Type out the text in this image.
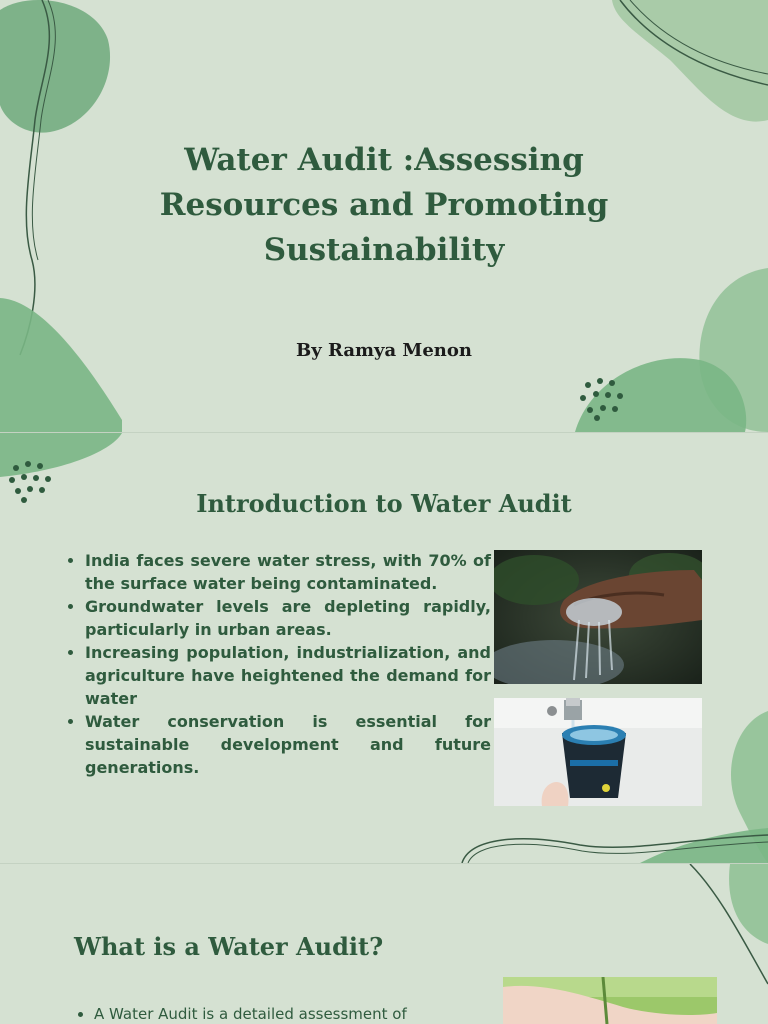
Water Audit :Assessing Resources and Promoting Sustainability
By Ramya Menon
Introduction to Water Audit
• India faces severe water stress, with 70% of the surface water being contaminated.
• Groundwater levels are depleting rapidly, particularly in urban areas.
• Increasing population, industrialization, and agriculture have heightened the demand for water
• Water conservation is essential for sustainable development and future generations.
What is a Water Audit?
• A Water Audit is a detailed assessment of
